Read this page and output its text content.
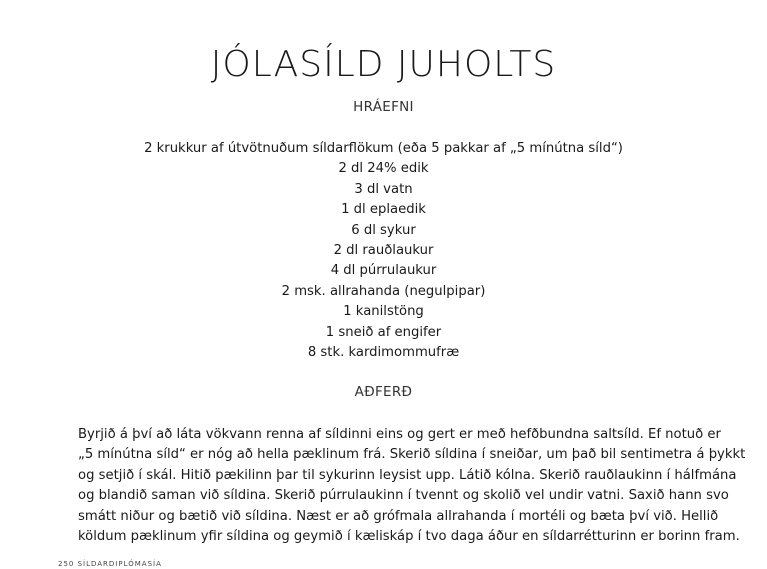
JÓLASÍLD JUHOLTS
HRÁEFNI
2 krukkur af útvötnuðum síldarflökum (eða 5 pakkar af „5 mínútna síld“)
2 dl 24% edik
3 dl vatn
1 dl eplaedik
6 dl sykur
2 dl rauðlaukur
4 dl púrrulaukur
2 msk. allrahanda (negulpipar)
1 kanilstöng
1 sneið af engifer
8 stk. kardimommufræ
AÐFERÐ

Byrjið á því að láta vökvann renna af síldinni eins og gert er með hefðbundna saltsíld. Ef notuð er
„5 mínútna síld“ er nóg að hella pæklinum frá. Skerið síldina í sneiðar, um það bil sentimetra á þykkt
og setjið í skál. Hitið pækilinn þar til sykurinn leysist upp. Látið kólna. Skerið rauðlaukinn í hálfmána
og blandið saman við síldina. Skerið púrrulaukinn í tvennt og skolið vel undir vatni. Saxið hann svo
smátt niður og bætið við síldina. Næst er að grófmala allrahanda í mortéli og bæta því við. Hellið
köldum pæklinum yfir síldina og geymið í kæliskáp í tvo daga áður en síldarrétturinn er borinn fram.

250 SÍLDARDIPLÓMASÍA
